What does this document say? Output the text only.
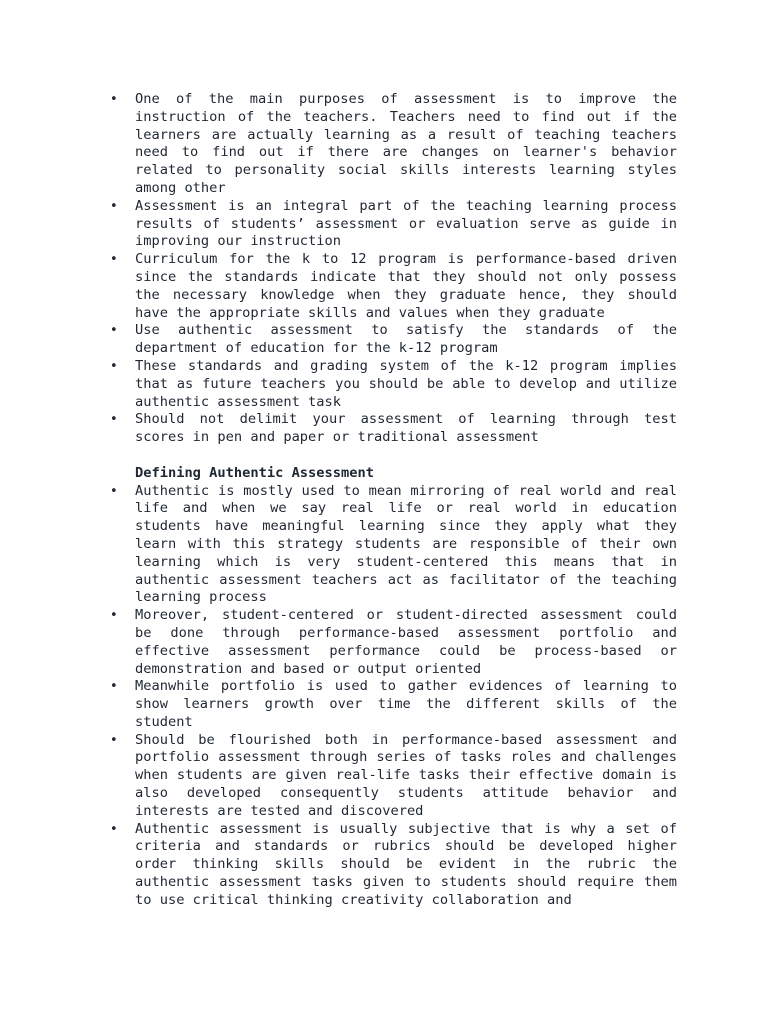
•	One of the main purposes of assessment is to improve the instruction of the teachers. Teachers need to find out if the learners are actually learning as a result of teaching teachers need to find out if there are changes on learner's behavior related to personality social skills interests learning styles among other
•	Assessment is an integral part of the teaching learning process results of students’ assessment or evaluation serve as guide in improving our instruction
•	Curriculum for the k to 12 program is performance-based driven since the standards indicate that they should not only possess the necessary knowledge when they graduate hence, they should have the appropriate skills and values when they graduate
•	Use authentic assessment to satisfy the standards of the department of education for the k-12 program
•	These standards and grading system of the k-12 program implies that as future teachers you should be able to develop and utilize authentic assessment task
•	Should not delimit your assessment of learning through test scores in pen and paper or traditional assessment
Defining Authentic Assessment
•	Authentic is mostly used to mean mirroring of real world and real life and when we say real life or real world in education students have meaningful learning since they apply what they learn with this strategy students are responsible of their own learning which is very student-centered this means that in authentic assessment teachers act as facilitator of the teaching learning process
•	Moreover, student-centered or student-directed assessment could be done through performance-based assessment portfolio and effective assessment performance could be process-based or demonstration and based or output oriented
•	Meanwhile portfolio is used to gather evidences of learning to show learners growth over time the different skills of the student
•	Should be flourished both in performance-based assessment and portfolio assessment through series of tasks roles and challenges when students are given real-life tasks their effective domain is also developed consequently students attitude behavior and interests are tested and discovered
•	Authentic assessment is usually subjective that is why a set of criteria and standards or rubrics should be developed higher order thinking skills should be evident in the rubric the authentic assessment tasks given to students should require them to use critical thinking creativity collaboration and
